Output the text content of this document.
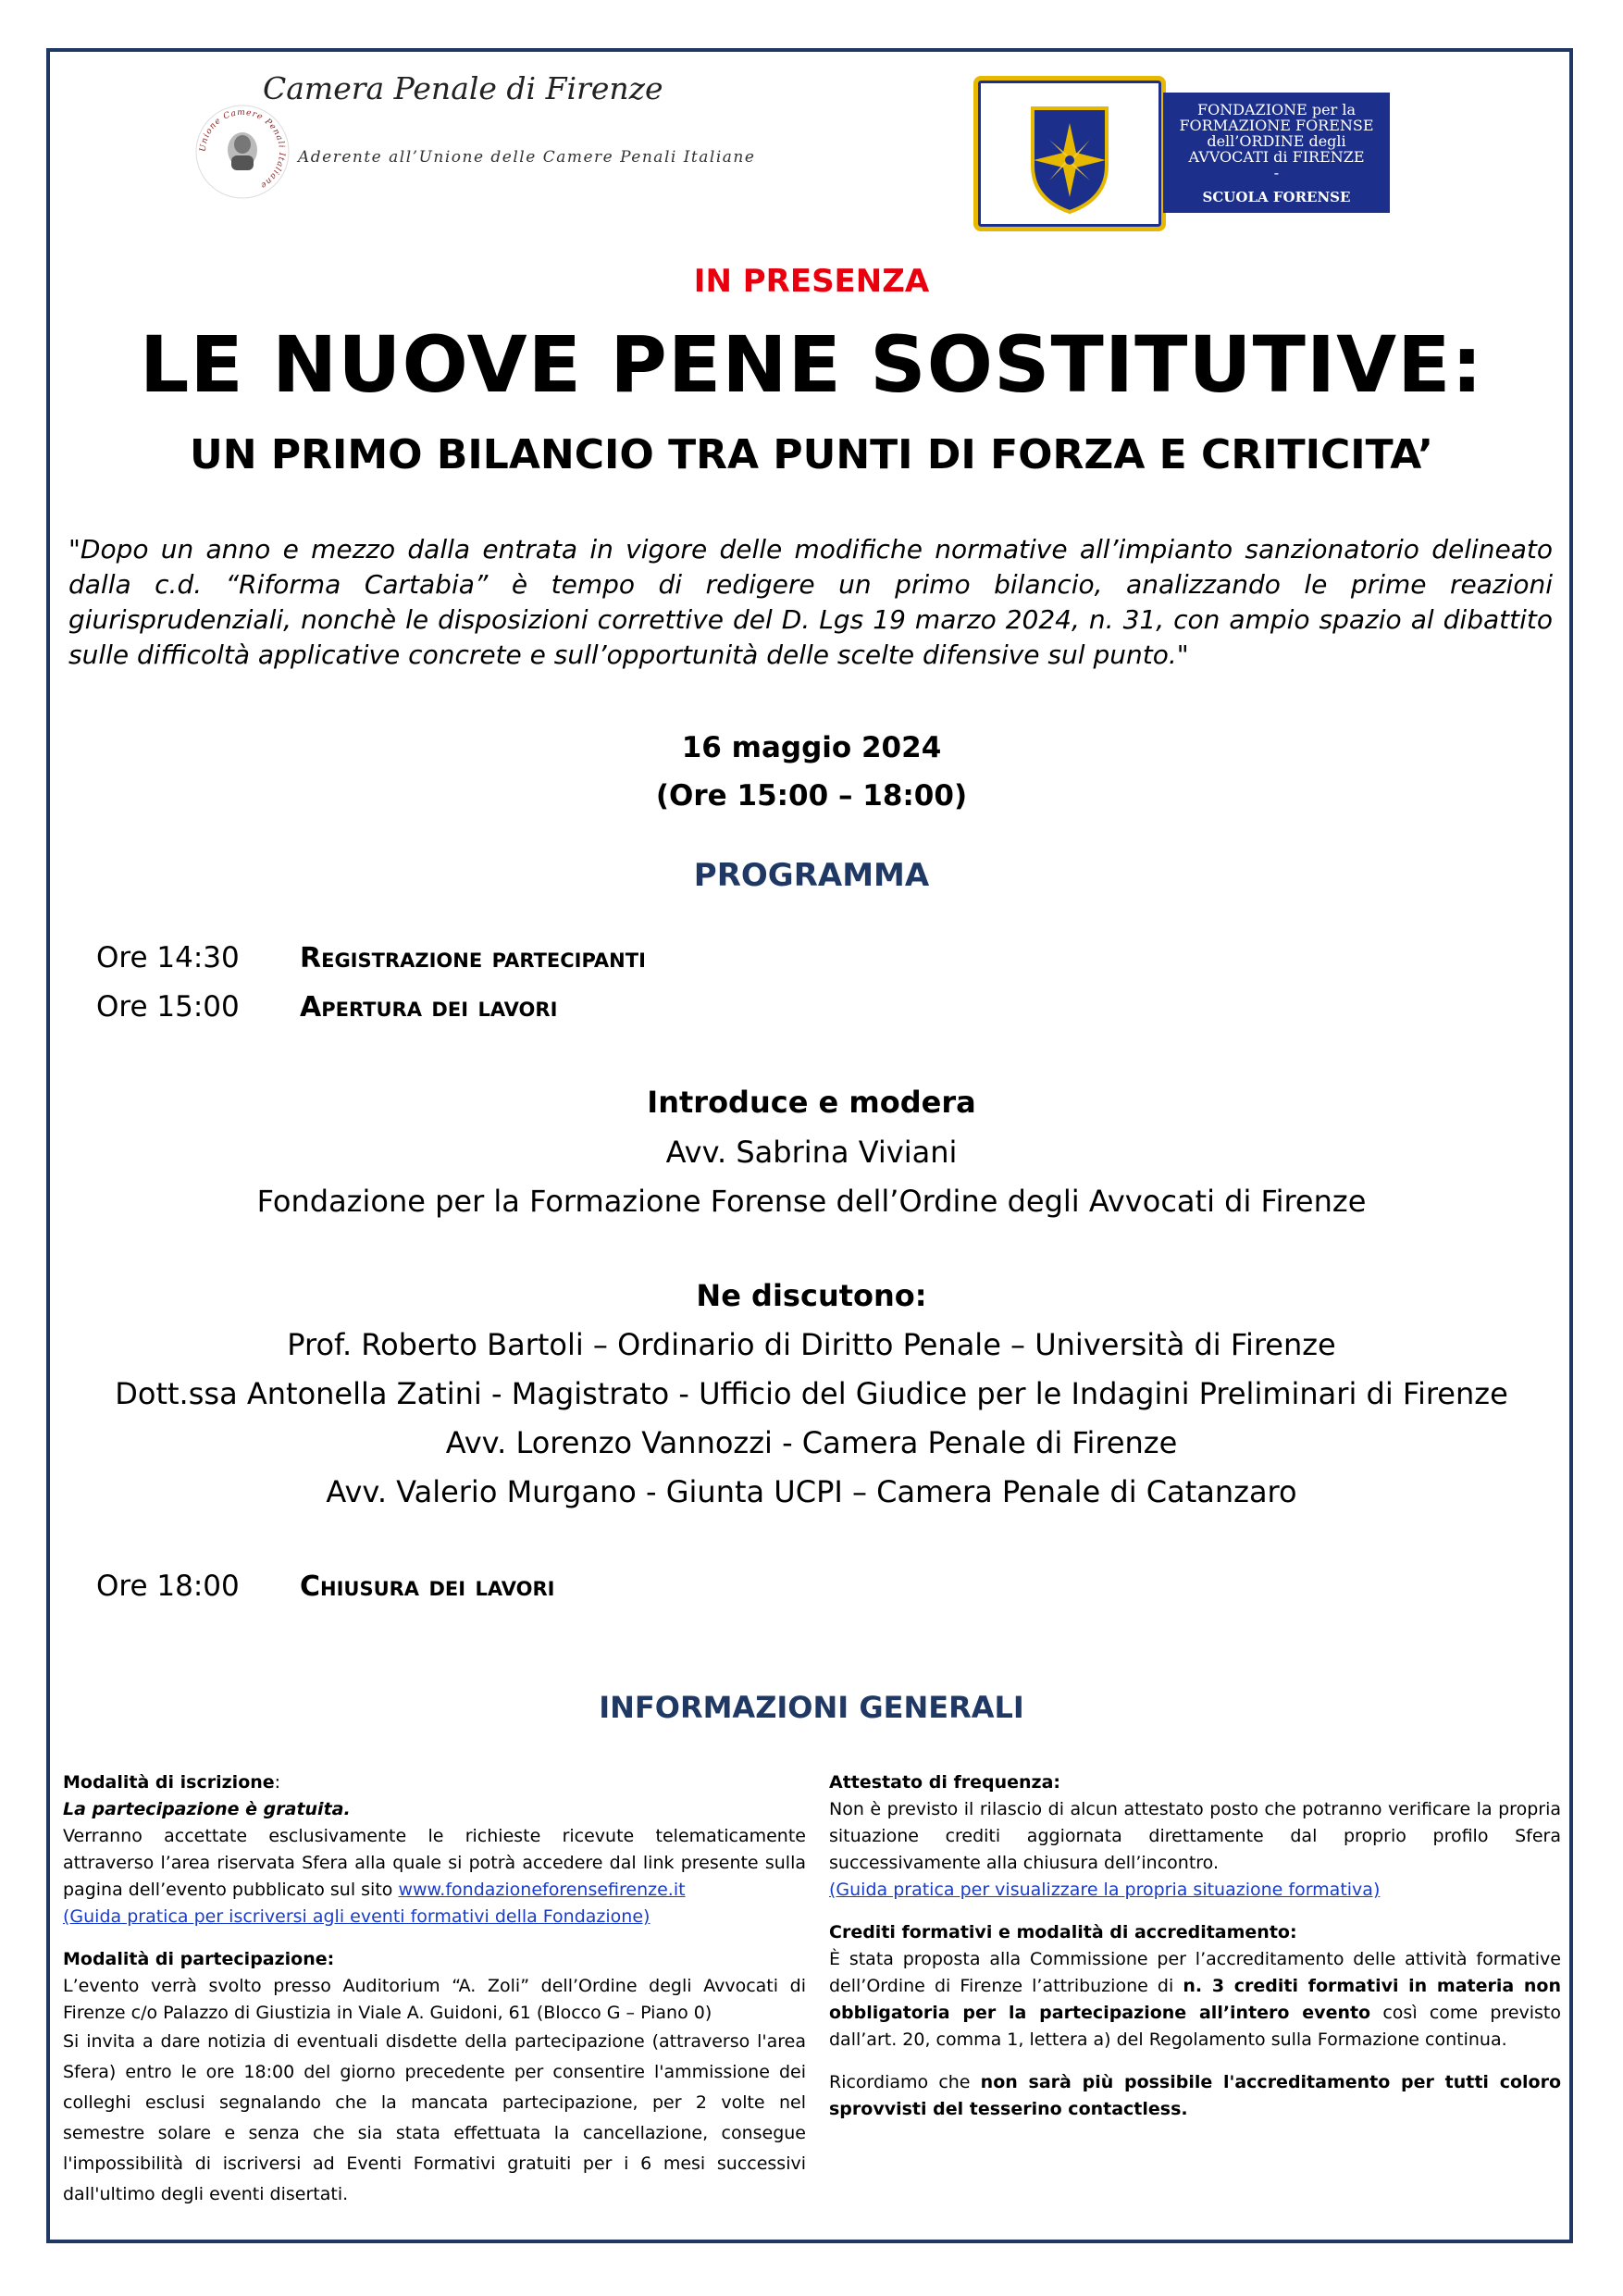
Camera Penale di Firenze
Unione Camere Penali Italiane
Aderente all’Unione delle Camere Penali Italiane
FONDAZIONE per la
FORMAZIONE FORENSE
dell’ORDINE degli
AVVOCATI di FIRENZE
-
SCUOLA FORENSE
IN PRESENZA
LE NUOVE PENE SOSTITUTIVE:
UN PRIMO BILANCIO TRA PUNTI DI FORZA E CRITICITA’
"Dopo un anno e mezzo dalla entrata in vigore delle modifiche normative all’impianto sanzionatorio delineato dalla c.d. “Riforma Cartabia” è tempo di redigere un primo bilancio, analizzando le prime reazioni giurisprudenziali, nonchè le disposizioni correttive del D. Lgs 19 marzo 2024, n. 31, con ampio spazio al dibattito sulle difficoltà applicative concrete e sull’opportunità delle scelte difensive sul punto."
16 maggio 2024
(Ore 15:00 – 18:00)
PROGRAMMA
Ore 14:30 Registrazione partecipanti
Ore 15:00 Apertura dei lavori
Introduce e modera
Avv. Sabrina Viviani
Fondazione per la Formazione Forense dell’Ordine degli Avvocati di Firenze
Ne discutono:
Prof. Roberto Bartoli – Ordinario di Diritto Penale – Università di Firenze
Dott.ssa Antonella Zatini - Magistrato - Ufficio del Giudice per le Indagini Preliminari di Firenze
Avv. Lorenzo Vannozzi - Camera Penale di Firenze
Avv. Valerio Murgano - Giunta UCPI – Camera Penale di Catanzaro
Ore 18:00 Chiusura dei lavori
INFORMAZIONI GENERALI
Modalità di iscrizione:
La partecipazione è gratuita.
Verranno accettate esclusivamente le richieste ricevute telematicamente attraverso l’area riservata Sfera alla quale si potrà accedere dal link presente sulla pagina dell’evento pubblicato sul sito www.fondazioneforensefirenze.it
(Guida pratica per iscriversi agli eventi formativi della Fondazione)
Modalità di partecipazione:
L’evento verrà svolto presso Auditorium “A. Zoli” dell’Ordine degli Avvocati di Firenze c/o Palazzo di Giustizia in Viale A. Guidoni, 61 (Blocco G – Piano 0)
Si invita a dare notizia di eventuali disdette della partecipazione (attraverso l'area Sfera) entro le ore 18:00 del giorno precedente per consentire l'ammissione dei colleghi esclusi segnalando che la mancata partecipazione, per 2 volte nel semestre solare e senza che sia stata effettuata la cancellazione, consegue l'impossibilità di iscriversi ad Eventi Formativi gratuiti per i 6 mesi successivi dall'ultimo degli eventi disertati.
Attestato di frequenza:
Non è previsto il rilascio di alcun attestato posto che potranno verificare la propria situazione crediti aggiornata direttamente dal proprio profilo Sfera successivamente alla chiusura dell’incontro.
(Guida pratica per visualizzare la propria situazione formativa)
Crediti formativi e modalità di accreditamento:
È stata proposta alla Commissione per l’accreditamento delle attività formative dell’Ordine di Firenze l’attribuzione di n. 3 crediti formativi in materia non obbligatoria per la partecipazione all’intero evento così come previsto dall’art. 20, comma 1, lettera a) del Regolamento sulla Formazione continua.
Ricordiamo che non sarà più possibile l'accreditamento per tutti coloro sprovvisti del tesserino contactless.
